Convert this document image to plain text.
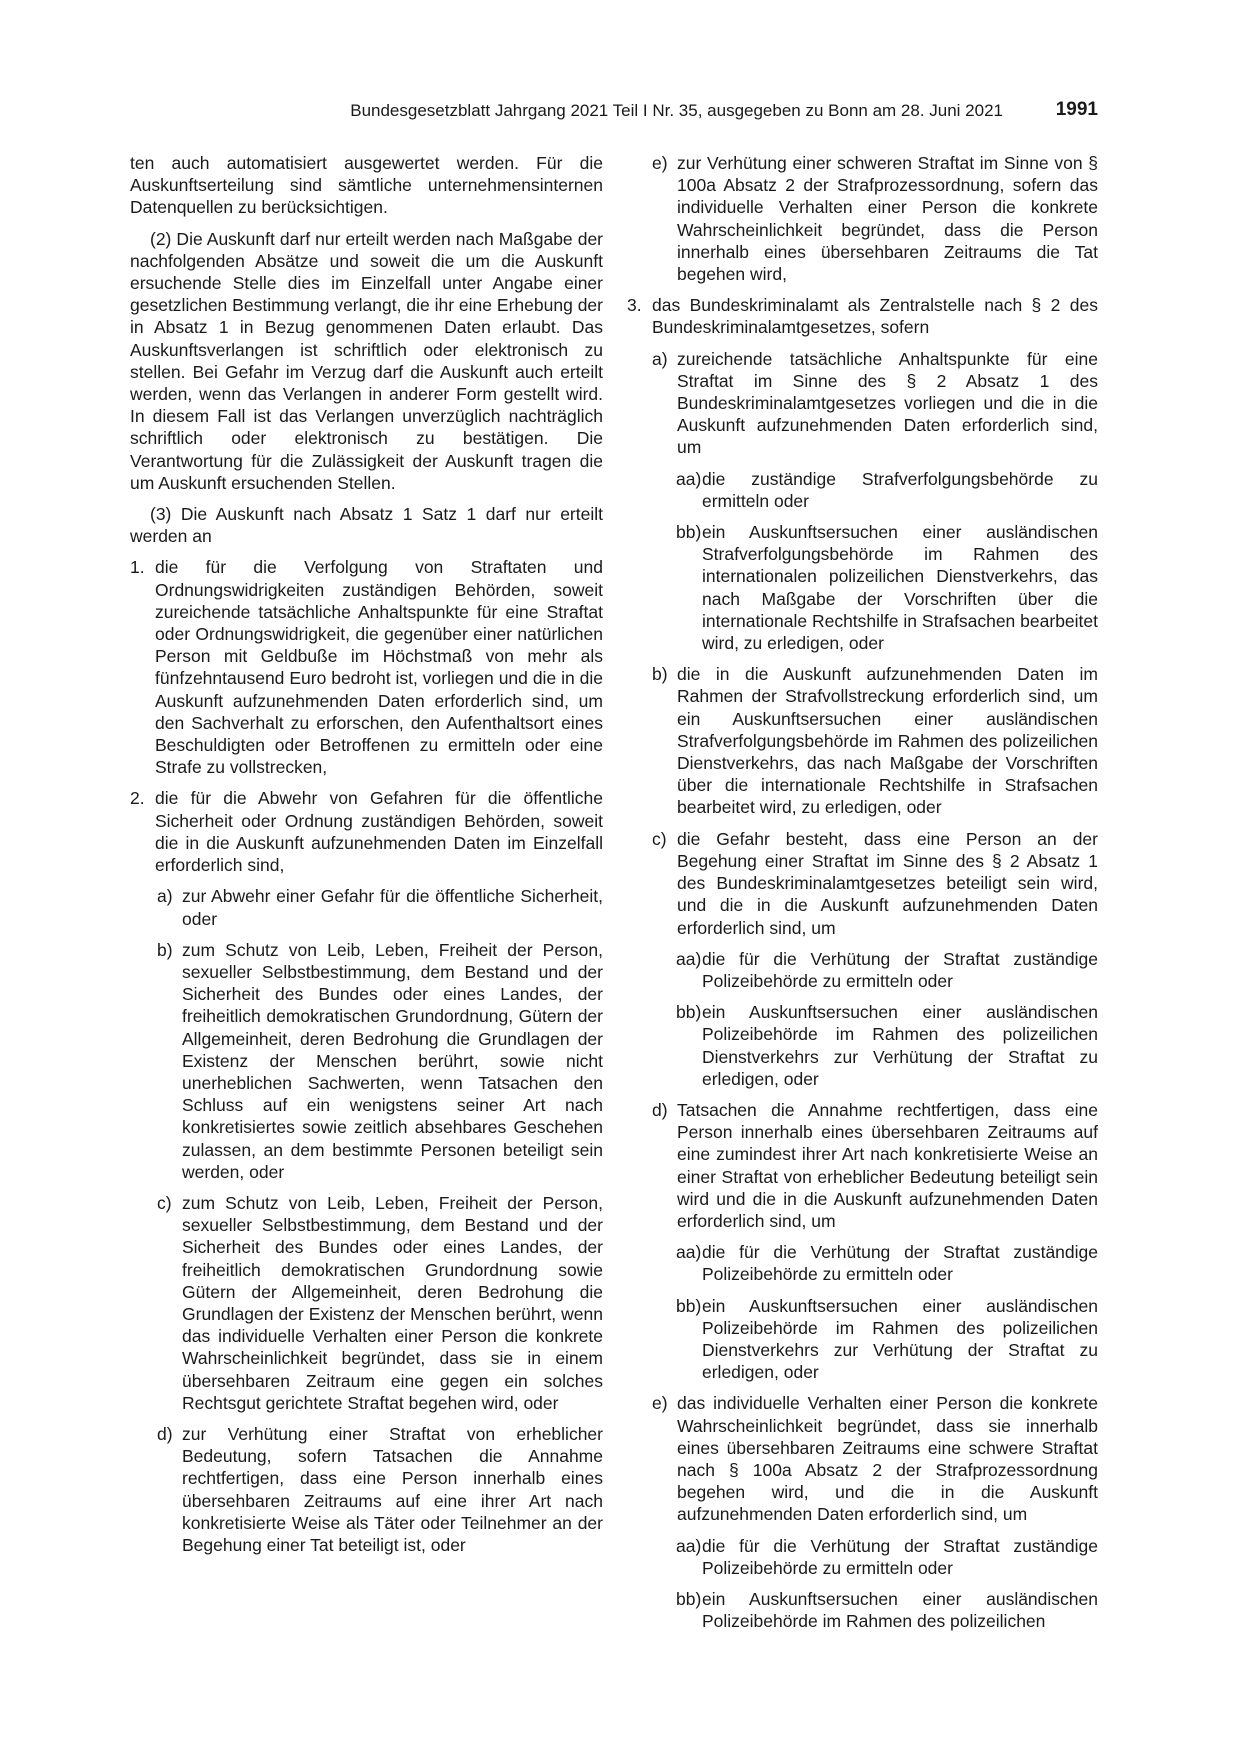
Bundesgesetzblatt Jahrgang 2021 Teil I Nr. 35, ausgegeben zu Bonn am 28. Juni 2021	1991

ten auch automatisiert ausgewertet werden. Für die Auskunftserteilung sind sämtliche unternehmensinternen Datenquellen zu berücksichtigen.

(2) Die Auskunft darf nur erteilt werden nach Maßgabe der nachfolgenden Absätze und soweit die um die Auskunft ersuchende Stelle dies im Einzelfall unter Angabe einer gesetzlichen Bestimmung verlangt, die ihr eine Erhebung der in Absatz 1 in Bezug genommenen Daten erlaubt. Das Auskunftsverlangen ist schriftlich oder elektronisch zu stellen. Bei Gefahr im Verzug darf die Auskunft auch erteilt werden, wenn das Verlangen in anderer Form gestellt wird. In diesem Fall ist das Verlangen unverzüglich nachträglich schriftlich oder elektronisch zu bestätigen. Die Verantwortung für die Zulässigkeit der Auskunft tragen die um Auskunft ersuchenden Stellen.

(3) Die Auskunft nach Absatz 1 Satz 1 darf nur erteilt werden an

1. die für die Verfolgung von Straftaten und Ordnungswidrigkeiten zuständigen Behörden, soweit zureichende tatsächliche Anhaltspunkte für eine Straftat oder Ordnungswidrigkeit, die gegenüber einer natürlichen Person mit Geldbuße im Höchstmaß von mehr als fünfzehntausend Euro bedroht ist, vorliegen und die in die Auskunft aufzunehmenden Daten erforderlich sind, um den Sachverhalt zu erforschen, den Aufenthaltsort eines Beschuldigten oder Betroffenen zu ermitteln oder eine Strafe zu vollstrecken,
2. die für die Abwehr von Gefahren für die öffentliche Sicherheit oder Ordnung zuständigen Behörden, soweit die in die Auskunft aufzunehmenden Daten im Einzelfall erforderlich sind,
a) zur Abwehr einer Gefahr für die öffentliche Sicherheit, oder
b) zum Schutz von Leib, Leben, Freiheit der Person, sexueller Selbstbestimmung, dem Bestand und der Sicherheit des Bundes oder eines Landes, der freiheitlich demokratischen Grundordnung, Gütern der Allgemeinheit, deren Bedrohung die Grundlagen der Existenz der Menschen berührt, sowie nicht unerheblichen Sachwerten, wenn Tatsachen den Schluss auf ein wenigstens seiner Art nach konkretisiertes sowie zeitlich absehbares Geschehen zulassen, an dem bestimmte Personen beteiligt sein werden, oder
c) zum Schutz von Leib, Leben, Freiheit der Person, sexueller Selbstbestimmung, dem Bestand und der Sicherheit des Bundes oder eines Landes, der freiheitlich demokratischen Grundordnung sowie Gütern der Allgemeinheit, deren Bedrohung die Grundlagen der Existenz der Menschen berührt, wenn das individuelle Verhalten einer Person die konkrete Wahrscheinlichkeit begründet, dass sie in einem übersehbaren Zeitraum eine gegen ein solches Rechtsgut gerichtete Straftat begehen wird, oder
d) zur Verhütung einer Straftat von erheblicher Bedeutung, sofern Tatsachen die Annahme rechtfertigen, dass eine Person innerhalb eines übersehbaren Zeitraums auf eine ihrer Art nach konkretisierte Weise als Täter oder Teilnehmer an der Begehung einer Tat beteiligt ist, oder
e) zur Verhütung einer schweren Straftat im Sinne von § 100a Absatz 2 der Strafprozessordnung, sofern das individuelle Verhalten einer Person die konkrete Wahrscheinlichkeit begründet, dass die Person innerhalb eines übersehbaren Zeitraums die Tat begehen wird,
3. das Bundeskriminalamt als Zentralstelle nach § 2 des Bundeskriminalamtgesetzes, sofern
a) zureichende tatsächliche Anhaltspunkte für eine Straftat im Sinne des § 2 Absatz 1 des Bundeskriminalamtgesetzes vorliegen und die in die Auskunft aufzunehmenden Daten erforderlich sind, um
aa) die zuständige Strafverfolgungsbehörde zu ermitteln oder
bb) ein Auskunftsersuchen einer ausländischen Strafverfolgungsbehörde im Rahmen des internationalen polizeilichen Dienstverkehrs, das nach Maßgabe der Vorschriften über die internationale Rechtshilfe in Strafsachen bearbeitet wird, zu erledigen, oder
b) die in die Auskunft aufzunehmenden Daten im Rahmen der Strafvollstreckung erforderlich sind, um ein Auskunftsersuchen einer ausländischen Strafverfolgungsbehörde im Rahmen des polizeilichen Dienstverkehrs, das nach Maßgabe der Vorschriften über die internationale Rechtshilfe in Strafsachen bearbeitet wird, zu erledigen, oder
c) die Gefahr besteht, dass eine Person an der Begehung einer Straftat im Sinne des § 2 Absatz 1 des Bundeskriminalamtgesetzes beteiligt sein wird, und die in die Auskunft aufzunehmenden Daten erforderlich sind, um
aa) die für die Verhütung der Straftat zuständige Polizeibehörde zu ermitteln oder
bb) ein Auskunftsersuchen einer ausländischen Polizeibehörde im Rahmen des polizeilichen Dienstverkehrs zur Verhütung der Straftat zu erledigen, oder
d) Tatsachen die Annahme rechtfertigen, dass eine Person innerhalb eines übersehbaren Zeitraums auf eine zumindest ihrer Art nach konkretisierte Weise an einer Straftat von erheblicher Bedeutung beteiligt sein wird und die in die Auskunft aufzunehmenden Daten erforderlich sind, um
aa) die für die Verhütung der Straftat zuständige Polizeibehörde zu ermitteln oder
bb) ein Auskunftsersuchen einer ausländischen Polizeibehörde im Rahmen des polizeilichen Dienstverkehrs zur Verhütung der Straftat zu erledigen, oder
e) das individuelle Verhalten einer Person die konkrete Wahrscheinlichkeit begründet, dass sie innerhalb eines übersehbaren Zeitraums eine schwere Straftat nach § 100a Absatz 2 der Strafprozessordnung begehen wird, und die in die Auskunft aufzunehmenden Daten erforderlich sind, um
aa) die für die Verhütung der Straftat zuständige Polizeibehörde zu ermitteln oder
bb) ein Auskunftsersuchen einer ausländischen Polizeibehörde im Rahmen des polizeilichen
